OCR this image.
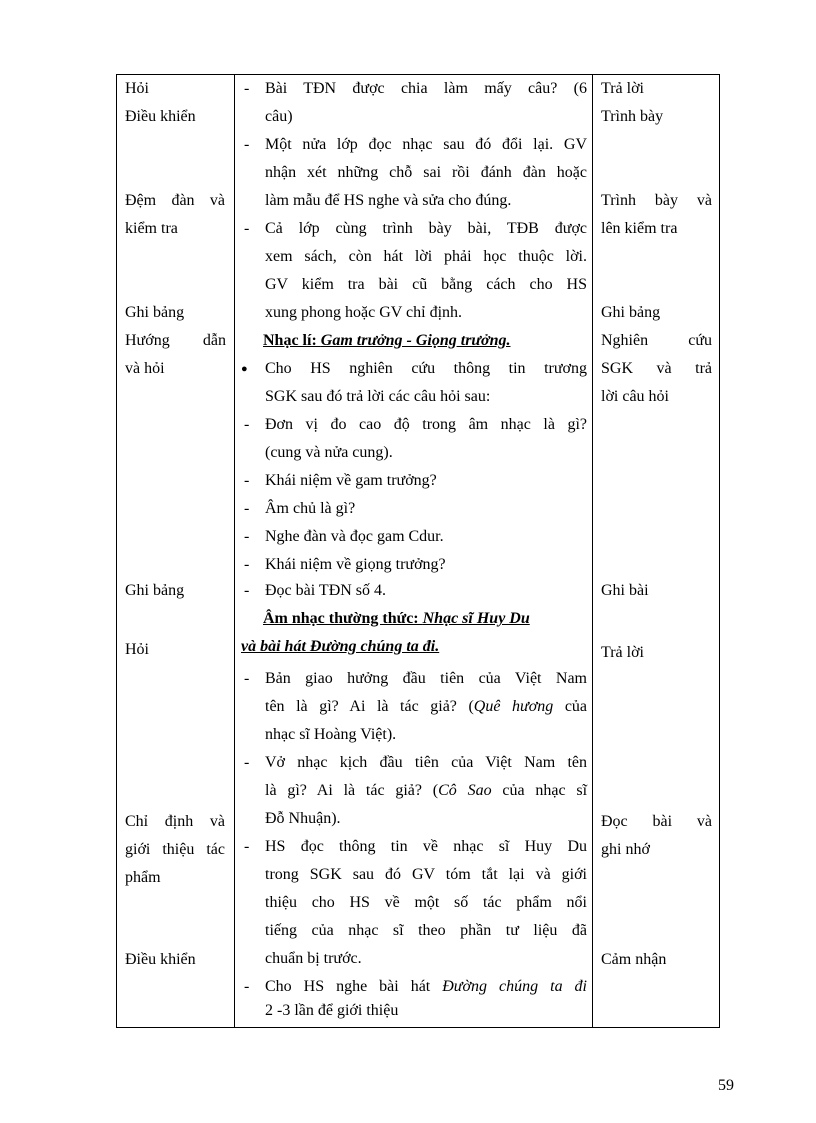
Hỏi
Điều khiển
Đệm đàn và
kiểm tra
Ghi bảng
Hướng dẫn
và hỏi
Ghi bảng
Hỏi
Chỉ định và
giới thiệu tác
phẩm
Điều khiển
- Bài TĐN được chia làm mấy câu? (6
câu)
- Một nửa lớp đọc nhạc sau đó đổi lại. GV
nhận xét những chỗ sai rồi đánh đàn hoặc
làm mẫu để HS nghe và sửa cho đúng.
- Cả lớp cùng trình bày bài, TĐB được
xem sách, còn hát lời phải học thuộc lời.
GV kiểm tra bài cũ bằng cách cho HS
xung phong hoặc GV chỉ định.
Nhạc lí: Gam trưởng - Giọng trưởng.
● Cho HS nghiên cứu thông tin trương
SGK sau đó trả lời các câu hỏi sau:
- Đơn vị đo cao độ trong âm nhạc là gì?
(cung và nửa cung).
- Khái niệm về gam trưởng?
- Âm chủ là gì?
- Nghe đàn và đọc gam Cdur.
- Khái niệm về giọng trưởng?
- Đọc bài TĐN số 4.
Âm nhạc thường thức: Nhạc sĩ Huy Du
và bài hát Đường chúng ta đi.
- Bản giao hưởng đầu tiên của Việt Nam
tên là gì? Ai là tác giả? (Quê hương của
nhạc sĩ Hoàng Việt).
- Vở nhạc kịch đầu tiên của Việt Nam tên
là gì? Ai là tác giả? (Cô Sao của nhạc sĩ
Đỗ Nhuận).
- HS đọc thông tin về nhạc sĩ Huy Du
trong SGK sau đó GV tóm tắt lại và giới
thiệu cho HS về một số tác phẩm nổi
tiếng của nhạc sĩ theo phần tư liệu đã
chuẩn bị trước.
- Cho HS nghe bài hát Đường chúng ta đi
2 -3 lần để giới thiệu
Trả lời
Trình bày
Trình bày và
lên kiểm tra
Ghi bảng
Nghiên cứu
SGK và trả
lời câu hỏi
Ghi bài
Trả lời
Đọc bài và
ghi nhớ
Cảm nhận
59
